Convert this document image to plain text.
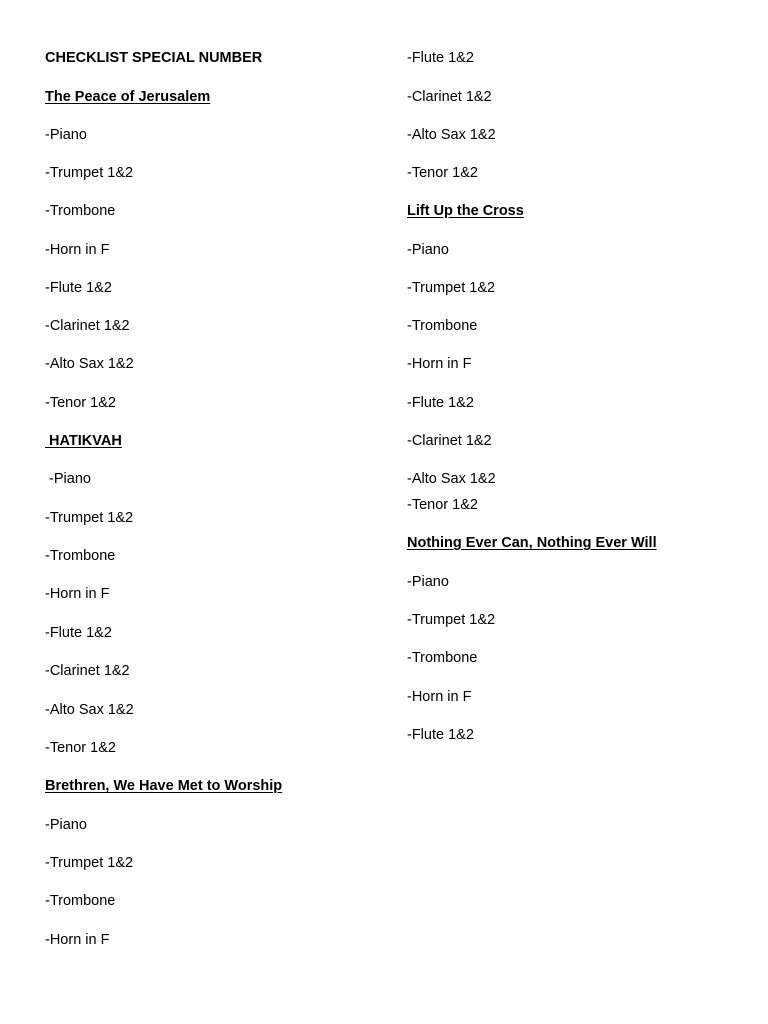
CHECKLIST SPECIAL NUMBER
The Peace of Jerusalem
-Piano
-Trumpet 1&2
-Trombone
-Horn in F
-Flute 1&2
-Clarinet 1&2
-Alto Sax 1&2
-Tenor 1&2
HATIKVAH
-Piano
-Trumpet 1&2
-Trombone
-Horn in F
-Flute 1&2
-Clarinet 1&2
-Alto Sax 1&2
-Tenor 1&2
Brethren, We Have Met to Worship
-Piano
-Trumpet 1&2
-Trombone
-Horn in F
-Flute 1&2
-Clarinet 1&2
-Alto Sax 1&2
-Tenor 1&2
Lift Up the Cross
-Piano
-Trumpet 1&2
-Trombone
-Horn in F
-Flute 1&2
-Clarinet 1&2
-Alto Sax 1&2
-Tenor 1&2
Nothing Ever Can, Nothing Ever Will
-Piano
-Trumpet 1&2
-Trombone
-Horn in F
-Flute 1&2
